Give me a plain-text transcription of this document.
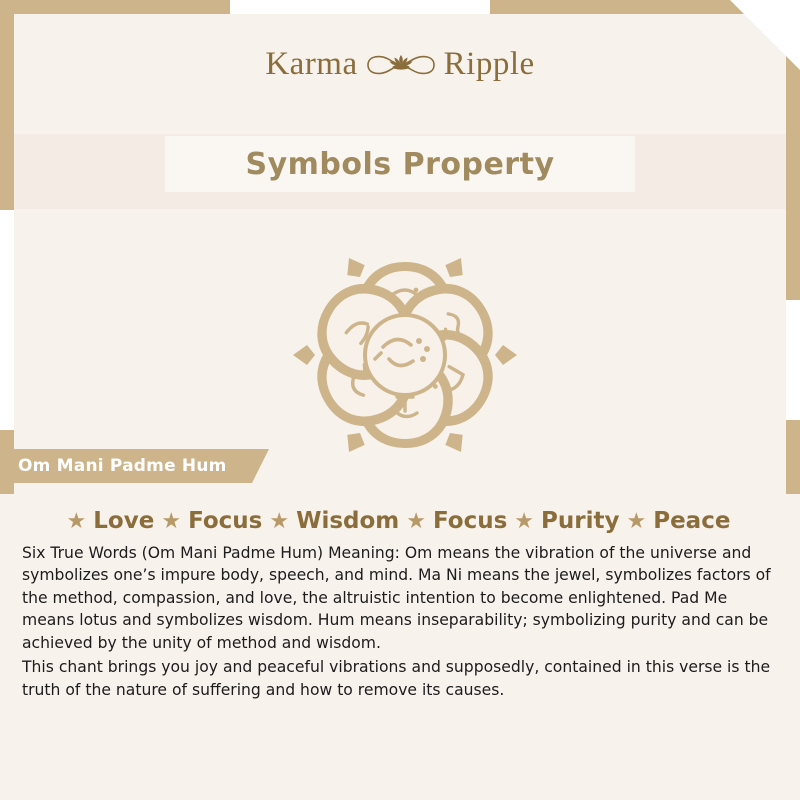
Karma	Ripple
Symbols Property
Om Mani Padme Hum
★ Love ★ Focus ★ Wisdom ★ Focus ★ Purity ★ Peace

Six True Words (Om Mani Padme Hum) Meaning: Om means the vibration of the universe and symbolizes one’s impure body, speech, and mind. Ma Ni means the jewel, symbolizes factors of the method, compassion, and love, the altruistic intention to become enlightened. Pad Me means lotus and symbolizes wisdom. Hum means inseparability; symbolizing purity and can be achieved by the unity of method and wisdom.

This chant brings you joy and peaceful vibrations and supposedly, contained in this verse is the truth of the nature of suffering and how to remove its causes.
